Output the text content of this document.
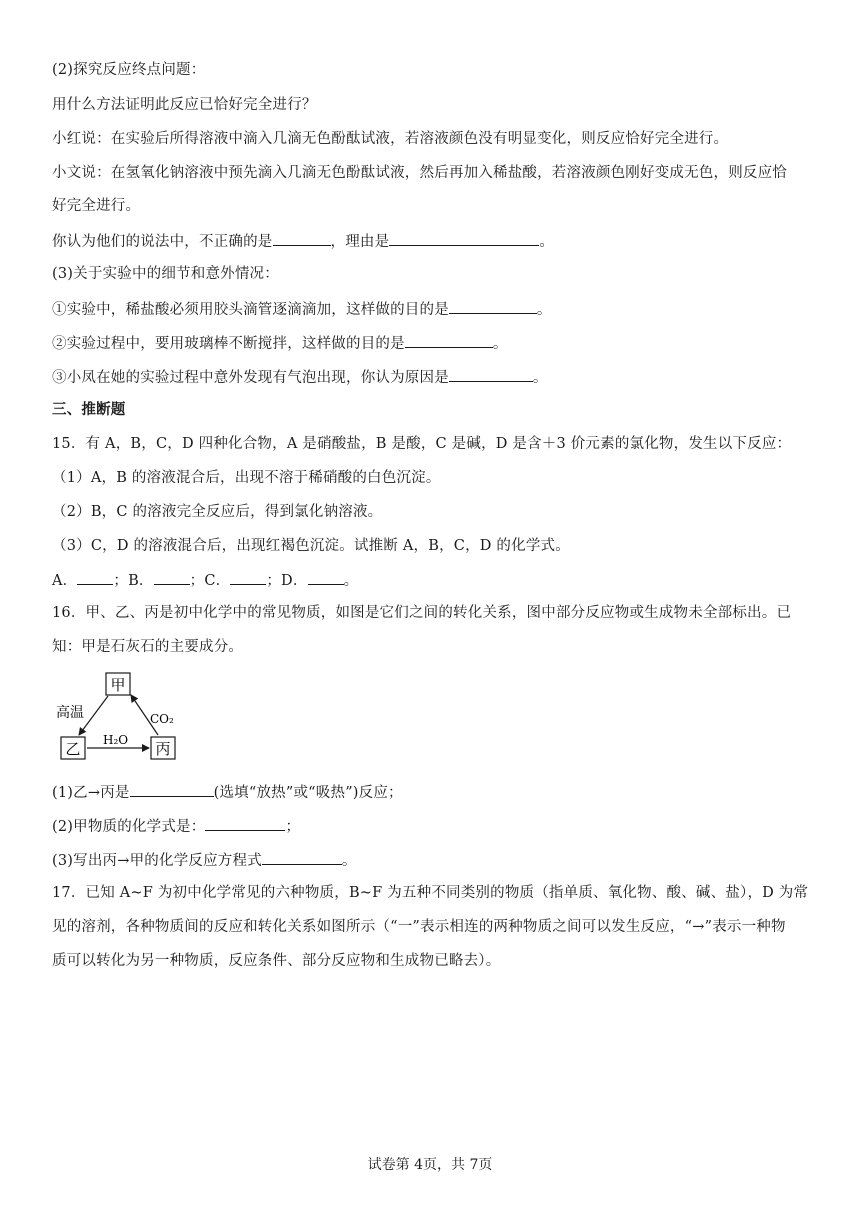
(2)探究反应终点问题：
用什么方法证明此反应已恰好完全进行？
小红说：在实验后所得溶液中滴入几滴无色酚酞试液，若溶液颜色没有明显变化，则反应恰好完全进行。
小文说：在氢氧化钠溶液中预先滴入几滴无色酚酞试液，然后再加入稀盐酸，若溶液颜色刚好变成无色，则反应恰
好完全进行。
你认为他们的说法中，不正确的是	，理由是	。
(3)关于实验中的细节和意外情况：
①实验中，稀盐酸必须用胶头滴管逐滴滴加，这样做的目的是	。
②实验过程中，要用玻璃棒不断搅拌，这样做的目的是	。
③小凤在她的实验过程中意外发现有气泡出现，你认为原因是	。
三、推断题
15．有 A，B，C，D 四种化合物，A 是硝酸盐，B 是酸，C 是碱，D 是含＋3 价元素的氯化物，发生以下反应：
（1）A，B 的溶液混合后，出现不溶于稀硝酸的白色沉淀。
（2）B，C 的溶液完全反应后，得到氯化钠溶液。
（3）C，D 的溶液混合后，出现红褐色沉淀。试推断 A，B，C，D 的化学式。
A． ；B． ；C． ；D． 。
16．甲、乙、丙是初中化学中的常见物质，如图是它们之间的转化关系，图中部分反应物或生成物未全部标出。已
知：甲是石灰石的主要成分。
甲
乙	丙
高温	CO₂
H₂O
(1)乙→丙是	(选填“放热”或“吸热”)反应；
(2)甲物质的化学式是：	；
(3)写出丙→甲的化学反应方程式	。
17．已知 A~F 为初中化学常见的六种物质，B~F 为五种不同类别的物质（指单质、氧化物、酸、碱、盐），D 为常
见的溶剂，各种物质间的反应和转化关系如图所示（“一”表示相连的两种物质之间可以发生反应，“→”表示一种物
质可以转化为另一种物质，反应条件、部分反应物和生成物已略去）。
试卷第 4页，共 7页
